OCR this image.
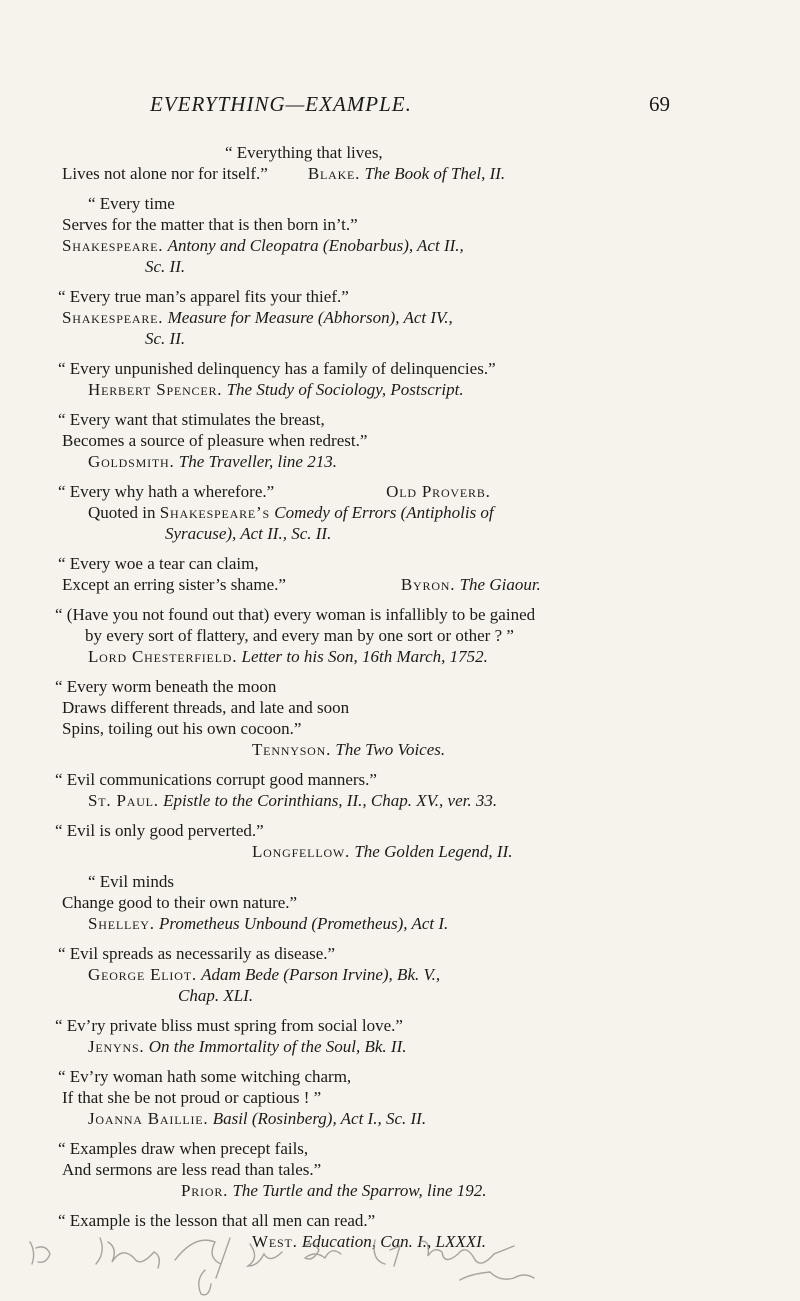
EVERYTHING—EXAMPLE.	69
“ Everything that lives,
Lives not alone nor for itself.” Blake. The Book of Thel, II.
“ Every time
Serves for the matter that is then born in’t.”
Shakespeare. Antony and Cleopatra (Enobarbus), Act II.,
Sc. II.
“ Every true man’s apparel fits your thief.”
Shakespeare. Measure for Measure (Abhorson), Act IV.,
Sc. II.
“ Every unpunished delinquency has a family of delinquencies.”
Herbert Spencer. The Study of Sociology, Postscript.
“ Every want that stimulates the breast,
Becomes a source of pleasure when redrest.”
Goldsmith. The Traveller, line 213.
“ Every why hath a wherefore.”	Old Proverb.
Quoted in Shakespeare’s Comedy of Errors (Antipholis of
Syracuse), Act II., Sc. II.
“ Every woe a tear can claim,
Except an erring sister’s shame.”	Byron. The Giaour.
“ (Have you not found out that) every woman is infallibly to be gained
by every sort of flattery, and every man by one sort or other ? ”
Lord Chesterfield. Letter to his Son, 16th March, 1752.
“ Every worm beneath the moon
Draws different threads, and late and soon
Spins, toiling out his own cocoon.”
Tennyson. The Two Voices.
“ Evil communications corrupt good manners.”
St. Paul. Epistle to the Corinthians, II., Chap. XV., ver. 33.
“ Evil is only good perverted.”
Longfellow. The Golden Legend, II.
“ Evil minds
Change good to their own nature.”
Shelley. Prometheus Unbound (Prometheus), Act I.
“ Evil spreads as necessarily as disease.”
George Eliot. Adam Bede (Parson Irvine), Bk. V.,
Chap. XLI.
“ Ev’ry private bliss must spring from social love.”
Jenyns. On the Immortality of the Soul, Bk. II.
“ Ev’ry woman hath some witching charm,
If that she be not proud or captious ! ”
Joanna Baillie. Basil (Rosinberg), Act I., Sc. II.
“ Examples draw when precept fails,
And sermons are less read than tales.”
Prior. The Turtle and the Sparrow, line 192.
“ Example is the lesson that all men can read.”
West. Education, Can. I., LXXXI.
